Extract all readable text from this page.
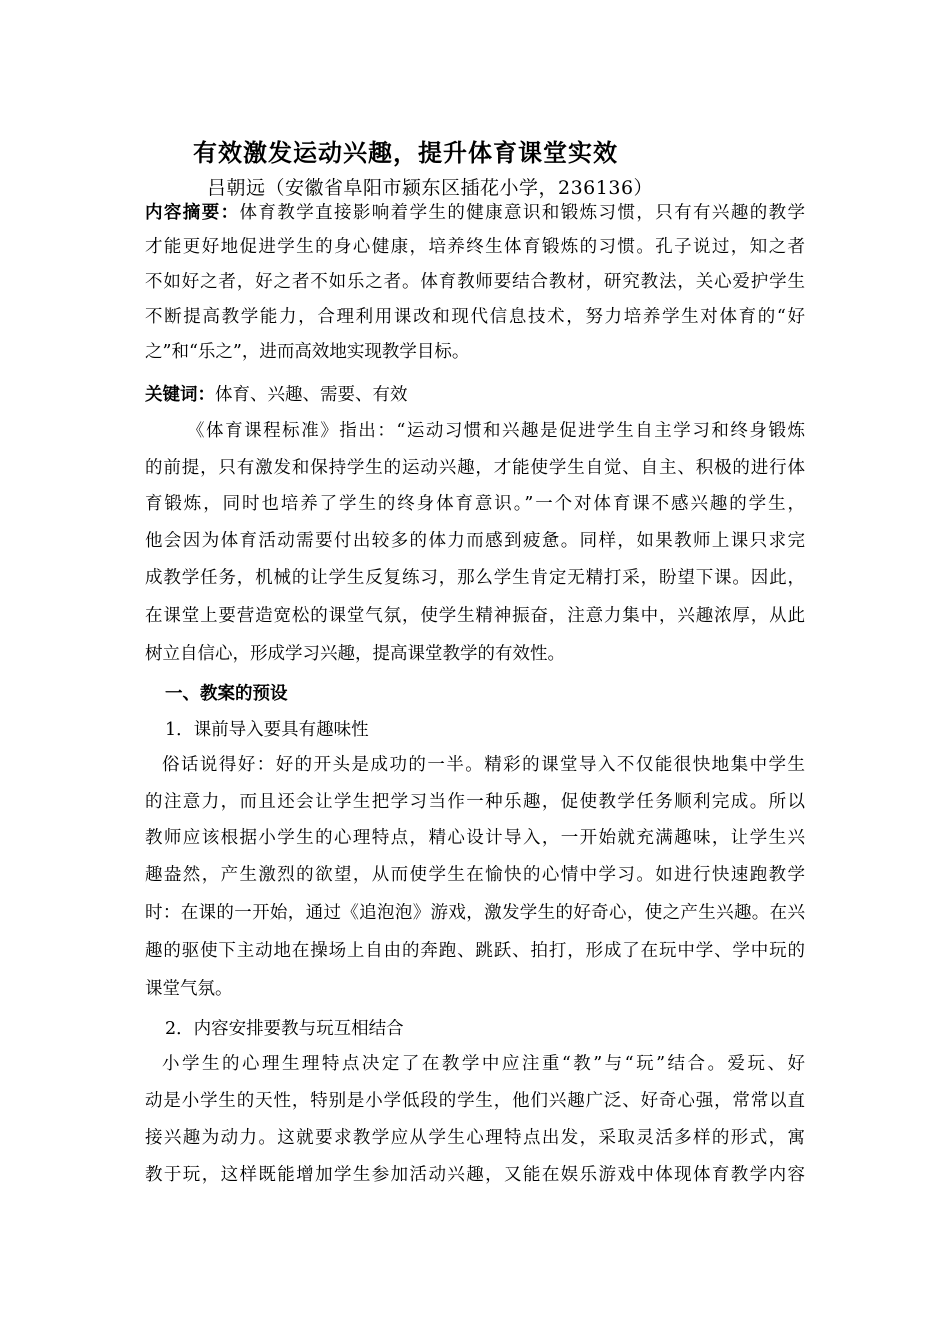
有效激发运动兴趣，提升体育课堂实效
吕朝远（安徽省阜阳市颍东区插花小学，236136）
内容摘要：体育教学直接影响着学生的健康意识和锻炼习惯，只有有兴趣的教学
才能更好地促进学生的身心健康，培养终生体育锻炼的习惯。孔子说过，知之者
不如好之者，好之者不如乐之者。体育教师要结合教材，研究教法，关心爱护学生
不断提高教学能力，合理利用课改和现代信息技术，努力培养学生对体育的“好
之”和“乐之”，进而高效地实现教学目标。
关键词：体育、兴趣、需要、有效
《体育课程标准》指出：“运动习惯和兴趣是促进学生自主学习和终身锻炼
的前提，只有激发和保持学生的运动兴趣，才能使学生自觉、自主、积极的进行体
育锻炼，同时也培养了学生的终身体育意识。”一个对体育课不感兴趣的学生，
他会因为体育活动需要付出较多的体力而感到疲惫。同样，如果教师上课只求完
成教学任务，机械的让学生反复练习，那么学生肯定无精打采，盼望下课。因此，
在课堂上要营造宽松的课堂气氛，使学生精神振奋，注意力集中，兴趣浓厚，从此
树立自信心，形成学习兴趣，提高课堂教学的有效性。
一、教案的预设
1．课前导入要具有趣味性
俗话说得好：好的开头是成功的一半。精彩的课堂导入不仅能很快地集中学生
的注意力，而且还会让学生把学习当作一种乐趣，促使教学任务顺利完成。所以
教师应该根据小学生的心理特点，精心设计导入，一开始就充满趣味，让学生兴
趣盎然，产生激烈的欲望，从而使学生在愉快的心情中学习。如进行快速跑教学
时：在课的一开始，通过《追泡泡》游戏，激发学生的好奇心，使之产生兴趣。在兴
趣的驱使下主动地在操场上自由的奔跑、跳跃、拍打，形成了在玩中学、学中玩的
课堂气氛。
2．内容安排要教与玩互相结合
小学生的心理生理特点决定了在教学中应注重“教”与“玩”结合。爱玩、好
动是小学生的天性，特别是小学低段的学生，他们兴趣广泛、好奇心强，常常以直
接兴趣为动力。这就要求教学应从学生心理特点出发，采取灵活多样的形式，寓
教于玩，这样既能增加学生参加活动兴趣，又能在娱乐游戏中体现体育教学内容
